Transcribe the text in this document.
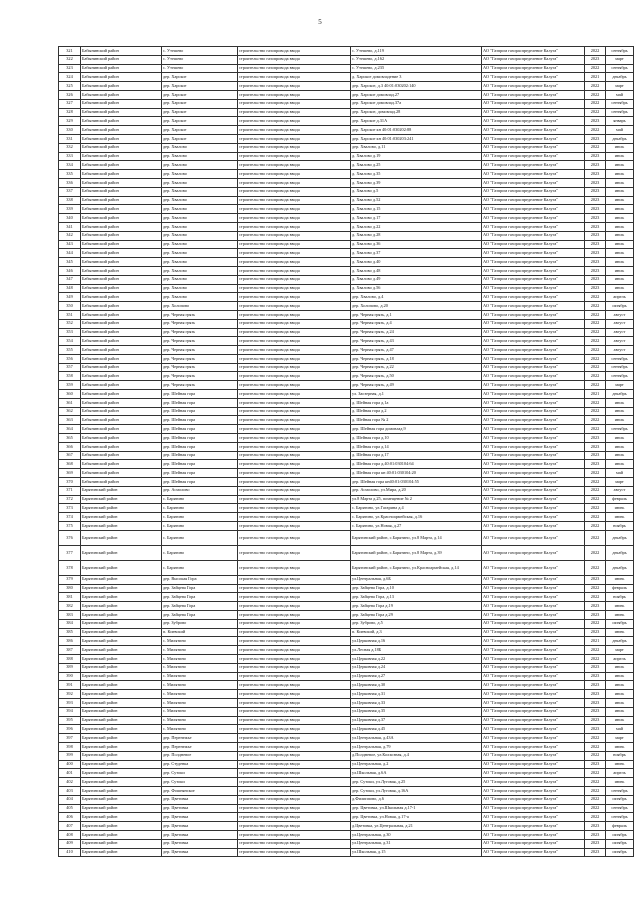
5
321	Бабынинский район	с. Утешево	строительство газопровода ввода	с. Утешево, д.119	АО "Газпром газораспределение Калуга"	2022	сентябрь
322	Бабынинский район	с. Утешево	строительство газопровода ввода	с. Утешево, д.162	АО "Газпром газораспределение Калуга"	2023	март
323	Бабынинский район	с. Утешево	строительство газопровода ввода	с. Утешево, д.235	АО "Газпром газораспределение Калуга"	2022	сентябрь
324	Бабынинский район	дер. Харское	строительство газопровода ввода	д. Харское домовладение 3	АО "Газпром газораспределение Калуга"	2021	декабрь
325	Бабынинский район	дер. Харское	строительство газопровода ввода	дер. Харское, д.3 40:01:030202:140	АО "Газпром газораспределение Калуга"	2022	март
326	Бабынинский район	дер. Харское	строительство газопровода ввода	дер. Харское домовлад.27	АО "Газпром газораспределение Калуга"	2022	май
327	Бабынинский район	дер. Харское	строительство газопровода ввода	дер. Харское домовлад.37а	АО "Газпром газораспределение Калуга"	2022	сентябрь
328	Бабынинский район	дер. Харское	строительство газопровода ввода	дер. Харское, домовлад.28	АО "Газпром газораспределение Калуга"	2022	сентябрь
329	Бабынинский район	дер. Харское	строительство газопровода ввода	дер. Харское д.31А	АО "Газпром газораспределение Калуга"	2023	январь
330	Бабынинский район	дер. Харское	строительство газопровода ввода	дер. Харское кн 40:01:030202:88	АО "Газпром газораспределение Калуга"	2022	май
331	Бабынинский район	дер. Харское	строительство газопровода ввода	дер. Харское кн 40:01:030203:241	АО "Газпром газораспределение Калуга"	2023	декабрь
332	Бабынинский район	дер. Хвалово	строительство газопровода ввода	дер. Хвалово, д.11	АО "Газпром газораспределение Калуга"	2022	июль
333	Бабынинский район	дер. Хвалово	строительство газопровода ввода	д. Хвалово д.19	АО "Газпром газораспределение Калуга"	2023	июль
334	Бабынинский район	дер. Хвалово	строительство газопровода ввода	д. Хвалово д.25	АО "Газпром газораспределение Калуга"	2023	июль
335	Бабынинский район	дер. Хвалово	строительство газопровода ввода	д. Хвалово д.35	АО "Газпром газораспределение Калуга"	2023	июль
336	Бабынинский район	дер. Хвалово	строительство газопровода ввода	д. Хвалово д.39	АО "Газпром газораспределение Калуга"	2023	июль
337	Бабынинский район	дер. Хвалово	строительство газопровода ввода	д. Хвалово д.5	АО "Газпром газораспределение Калуга"	2023	июль
338	Бабынинский район	дер. Хвалово	строительство газопровода ввода	д. Хвалово д.52	АО "Газпром газораспределение Калуга"	2023	июль
339	Бабынинский район	дер. Хвалово	строительство газопровода ввода	д. Хвалово д.15	АО "Газпром газораспределение Калуга"	2023	июль
340	Бабынинский район	дер. Хвалово	строительство газопровода ввода	д. Хвалово д.17	АО "Газпром газораспределение Калуга"	2023	июль
341	Бабынинский район	дер. Хвалово	строительство газопровода ввода	д. Хвалово д.22	АО "Газпром газораспределение Калуга"	2023	июль
342	Бабынинский район	дер. Хвалово	строительство газопровода ввода	д. Хвалово д.28	АО "Газпром газораспределение Калуга"	2023	июль
343	Бабынинский район	дер. Хвалово	строительство газопровода ввода	д. Хвалово д.36	АО "Газпром газораспределение Калуга"	2023	июль
344	Бабынинский район	дер. Хвалово	строительство газопровода ввода	д. Хвалово д.37	АО "Газпром газораспределение Калуга"	2023	июль
345	Бабынинский район	дер. Хвалово	строительство газопровода ввода	д. Хвалово д.40	АО "Газпром газораспределение Калуга"	2023	июль
346	Бабынинский район	дер. Хвалово	строительство газопровода ввода	д. Хвалово д.48	АО "Газпром газораспределение Калуга"	2023	июль
347	Бабынинский район	дер. Хвалово	строительство газопровода ввода	д. Хвалово д.49	АО "Газпром газораспределение Калуга"	2023	июль
348	Бабынинский район	дер. Хвалово	строительство газопровода ввода	д. Хвалово д.56	АО "Газпром газораспределение Калуга"	2023	июль
349	Бабынинский район	дер. Хвалово	строительство газопровода ввода	дер. Хвалово, д.4	АО "Газпром газораспределение Калуга"	2022	апрель
350	Бабынинский район	дер. Холопово	строительство газопровода ввода	дер. Холопово, д.20	АО "Газпром газораспределение Калуга"	2022	октябрь
351	Бабынинский район	дер. Черная грязь	строительство газопровода ввода	дер. Черная грязь, д.1	АО "Газпром газораспределение Калуга"	2022	август
352	Бабынинский район	дер. Черная грязь	строительство газопровода ввода	дер. Черная грязь, д.4	АО "Газпром газораспределение Калуга"	2022	август
353	Бабынинский район	дер. Черная грязь	строительство газопровода ввода	дер. Черная грязь, д.24	АО "Газпром газораспределение Калуга"	2022	август
354	Бабынинский район	дер. Черная грязь	строительство газопровода ввода	дер. Черная грязь, д.43	АО "Газпром газораспределение Калуга"	2022	август
355	Бабынинский район	дер. Черная грязь	строительство газопровода ввода	дер. Черная грязь, д.47	АО "Газпром газораспределение Калуга"	2022	август
356	Бабынинский район	дер. Черная грязь	строительство газопровода ввода	дер. Черная грязь, д.18	АО "Газпром газораспределение Калуга"	2022	сентябрь
357	Бабынинский район	дер. Черная грязь	строительство газопровода ввода	дер. Черная грязь, д.22	АО "Газпром газораспределение Калуга"	2022	сентябрь
358	Бабынинский район	дер. Черная грязь	строительство газопровода ввода	дер. Черная грязь, д.50	АО "Газпром газораспределение Калуга"	2022	сентябрь
359	Бабынинский район	дер. Черная грязь	строительство газопровода ввода	дер. Черная грязь, д.49	АО "Газпром газораспределение Калуга"	2022	март
360	Бабынинский район	дер. Шейная гора	строительство газопровода ввода	ул. Заозерная, д.1	АО "Газпром газораспределение Калуга"	2021	декабрь
361	Бабынинский район	дер. Шейная гора	строительство газопровода ввода	д. Шейная гора д.1а	АО "Газпром газораспределение Калуга"	2022	июль
362	Бабынинский район	дер. Шейная гора	строительство газопровода ввода	д. Шейная гора д.2	АО "Газпром газораспределение Калуга"	2022	июль
363	Бабынинский район	дер. Шейная гора	строительство газопровода ввода	д. Шейная гора № 2	АО "Газпром газораспределение Калуга"	2022	июль
364	Бабынинский район	дер. Шейная гора	строительство газопровода ввода	дер. Шейная гора домовлад.9	АО "Газпром газораспределение Калуга"	2022	сентябрь
365	Бабынинский район	дер. Шейная гора	строительство газопровода ввода	д. Шейная гора д.10	АО "Газпром газораспределение Калуга"	2023	июль
366	Бабынинский район	дер. Шейная гора	строительство газопровода ввода	д. Шейная гора д.14	АО "Газпром газораспределение Калуга"	2023	июль
367	Бабынинский район	дер. Шейная гора	строительство газопровода ввода	д. Шейная гора д.17	АО "Газпром газораспределение Калуга"	2023	июль
368	Бабынинский район	дер. Шейная гора	строительство газопровода ввода	д. Шейная гора д.40:01:030104:64	АО "Газпром газораспределение Калуга"	2023	июль
369	Бабынинский район	дер. Шейная гора	строительство газопровода ввода	д. Шейная гора кн 40:01:030104:20	АО "Газпром газораспределение Калуга"	2022	май
370	Бабынинский район	дер. Шейная гора	строительство газопровода ввода	дер. Шейная гора кн40:01:030104:55	АО "Газпром газораспределение Калуга"	2022	март
371	Барятинский район	дер. Асмолово	строительство газопровода ввода	дер. Асмолово, ул.Мира, д.20	АО "Газпром газораспределение Калуга"	2022	август
372	Барятинский район	с. Барятино	строительство газопровода ввода	ул.8 Марта д.25, помещение № 2	АО "Газпром газораспределение Калуга"	2022	февраль
373	Барятинский район	с. Барятино	строительство газопровода ввода	с. Барятино, ул.Гагарина д.4	АО "Газпром газораспределение Калуга"	2022	июнь
374	Барятинский район	с. Барятино	строительство газопровода ввода	с. Барятино, ул.Красноармейская, д.16	АО "Газпром газораспределение Калуга"	2022	июнь
375	Барятинский район	с. Барятино	строительство газопровода ввода	с. Барятино, ул.Новая, д.27	АО "Газпром газораспределение Калуга"	2022	ноябрь
376	Барятинский район	с. Барятино	строительство газопровода ввода	Барятинский район, с.Барятино, ул.8 Марта, д.14	АО "Газпром газораспределение Калуга"	2022	декабрь
377	Барятинский район	с. Барятино	строительство газопровода ввода	Барятинский район, с.Барятино, ул.8 Марта, д.39	АО "Газпром газораспределение Калуга"	2022	декабрь
378	Барятинский район	с. Барятино	строительство газопровода ввода	Барятинский район, с.Барятино, ул.Красноармейская, д.14	АО "Газпром газораспределение Калуга"	2022	декабрь
379	Барятинский район	дер. Высокая Гора	строительство газопровода ввода	ул.Центральная, д.6Б	АО "Газпром газораспределение Калуга"	2023	июнь
380	Барятинский район	дер. Зайцева Гора	строительство газопровода ввода	дер. Зайцева Гора, д.10	АО "Газпром газораспределение Калуга"	2022	февраль
381	Барятинский район	дер. Зайцева Гора	строительство газопровода ввода	дер. Зайцева Гора, д.13	АО "Газпром газораспределение Калуга"	2022	ноябрь
382	Барятинский район	дер. Зайцева Гора	строительство газопровода ввода	дер. Зайцева Гора д.19	АО "Газпром газораспределение Калуга"	2023	июнь
383	Барятинский район	дер. Зайцева Гора	строительство газопровода ввода	дер. Зайцева Гора д.29	АО "Газпром газораспределение Калуга"	2023	июнь
384	Барятинский район	дер. Зуброво	строительство газопровода ввода	дер. Зуброво, д.5	АО "Газпром газораспределение Калуга"	2022	октябрь
385	Барятинский район	п. Киевский	строительство газопровода ввода	п. Киевский, д.3	АО "Газпром газораспределение Калуга"	2023	июнь
386	Барятинский район	с. Милятино	строительство газопровода ввода	ул.Церковная д.16	АО "Газпром газораспределение Калуга"	2021	декабрь
387	Барятинский район	с. Милятино	строительство газопровода ввода	ул.Лесная д.18Б	АО "Газпром газораспределение Калуга"	2022	март
388	Барятинский район	с. Милятино	строительство газопровода ввода	ул.Церковная д.22	АО "Газпром газораспределение Калуга"	2022	апрель
389	Барятинский район	с. Милятино	строительство газопровода ввода	ул.Церковная д.24	АО "Газпром газораспределение Калуга"	2023	июль
390	Барятинский район	с. Милятино	строительство газопровода ввода	ул.Церковная д.27	АО "Газпром газораспределение Калуга"	2023	июль
391	Барятинский район	с. Милятино	строительство газопровода ввода	ул.Церковная д.30	АО "Газпром газораспределение Калуга"	2023	июль
392	Барятинский район	с. Милятино	строительство газопровода ввода	ул.Церковная д.31	АО "Газпром газораспределение Калуга"	2023	июль
393	Барятинский район	с. Милятино	строительство газопровода ввода	ул.Церковная д.33	АО "Газпром газораспределение Калуга"	2023	июль
394	Барятинский район	с. Милятино	строительство газопровода ввода	ул.Церковная д.35	АО "Газпром газораспределение Калуга"	2023	июль
395	Барятинский район	с. Милятино	строительство газопровода ввода	ул.Церковная д.37	АО "Газпром газораспределение Калуга"	2023	июль
396	Барятинский район	с. Милятино	строительство газопровода ввода	ул.Церковная д.45	АО "Газпром газораспределение Калуга"	2023	май
397	Барятинский район	дер. Перенежье	строительство газопровода ввода	ул.Центральная, д.43А	АО "Газпром газораспределение Калуга"	2022	март
398	Барятинский район	дер. Перенежье	строительство газопровода ввода	ул.Центральная, д.79	АО "Газпром газораспределение Калуга"	2022	июнь
399	Барятинский район	дер. Полдневое	строительство газопровода ввода	д.Полдневое, ул.Колхозная, д.4	АО "Газпром газораспределение Калуга"	2022	ноябрь
400	Барятинский район	дер. Студенка	строительство газопровода ввода	ул.Центральная, д.2	АО "Газпром газораспределение Калуга"	2023	июнь
401	Барятинский район	дер. Сутоки	строительство газопровода ввода	ул.Школьная, д.6А	АО "Газпром газораспределение Калуга"	2022	апрель
402	Барятинский район	дер. Сутоки	строительство газопровода ввода	дер. Сутоки, ул.Луговая, д.25	АО "Газпром газораспределение Калуга"	2022	июнь
403	Барятинский район	дер. Фошнянское	строительство газопровода ввода	дер. Сутоки, ул.Луговая, д.16А	АО "Газпром газораспределение Калуга"	2022	сентябрь
404	Барятинский район	дер. Цветовка	строительство газопровода ввода	д.Филиппово, д.6	АО "Газпром газораспределение Калуга"	2022	октябрь
405	Барятинский район	дер. Цветовка	строительство газопровода ввода	дер. Цветовка, ул.Школьная д.17-1	АО "Газпром газораспределение Калуга"	2022	сентябрь
406	Барятинский район	дер. Цветовка	строительство газопровода ввода	дер. Цветовка, ул.Новая, д.17-а	АО "Газпром газораспределение Калуга"	2022	сентябрь
407	Барятинский район	дер. Цветовка	строительство газопровода ввода	д.Цветовка, ул.Центральная, д.21	АО "Газпром газораспределение Калуга"	2023	февраль
408	Барятинский район	дер. Цветовка	строительство газопровода ввода	ул.Центральная, д.30	АО "Газпром газораспределение Калуга"	2023	октябрь
409	Барятинский район	дер. Цветовка	строительство газопровода ввода	ул.Центральная, д.31	АО "Газпром газораспределение Калуга"	2023	октябрь
410	Барятинский район	дер. Цветовка	строительство газопровода ввода	ул.Школьная, д.15	АО "Газпром газораспределение Калуга"	2023	октябрь
